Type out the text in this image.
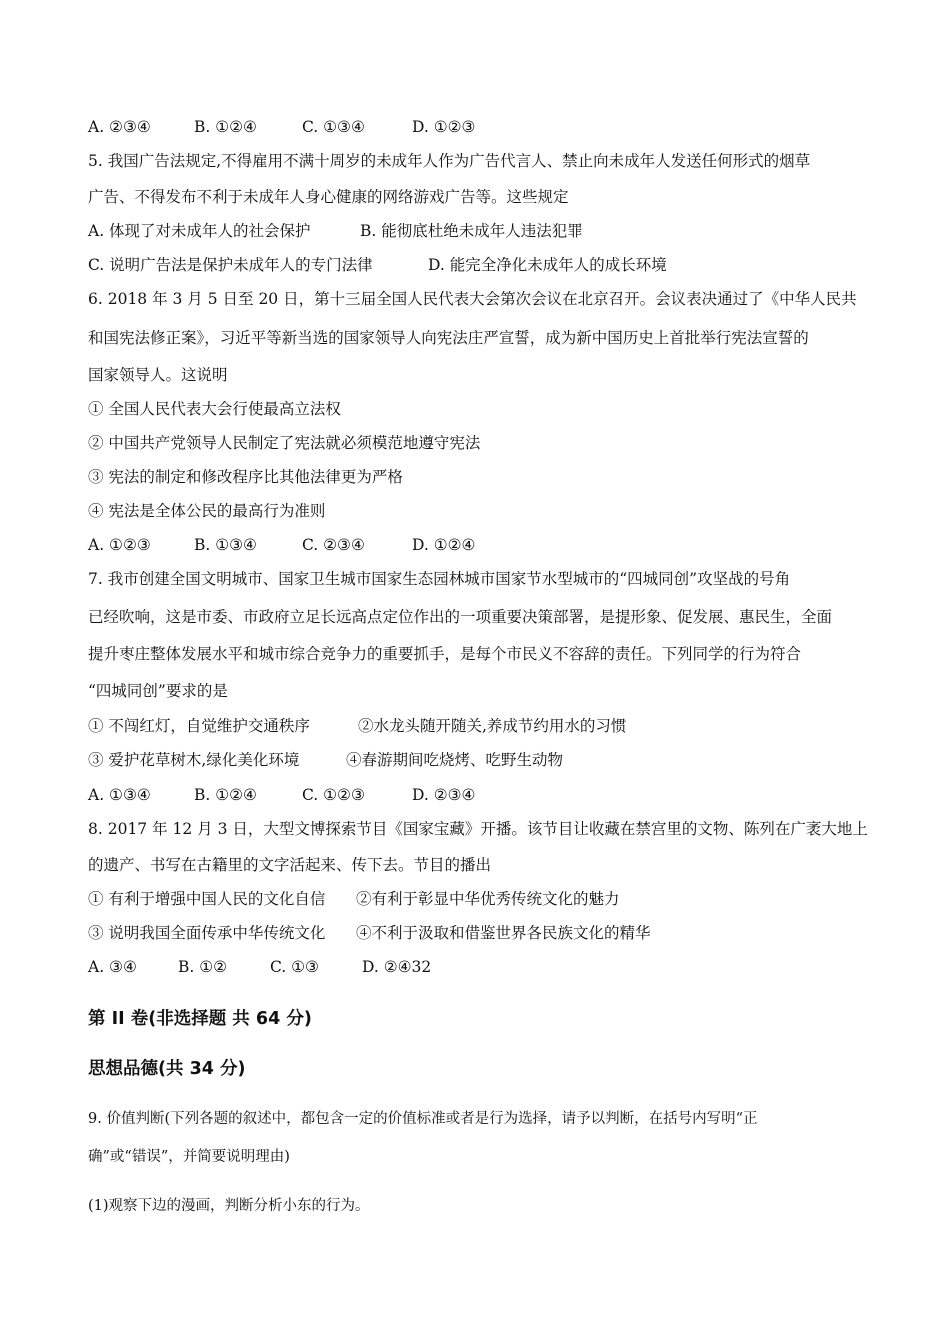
A. ②③④	B. ①②④	C. ①③④	D. ①②③
5. 我国广告法规定,不得雇用不满十周岁的未成年人作为广告代言人、禁止向未成年人发送任何形式的烟草
广告、不得发布不利于未成年人身心健康的网络游戏广告等。这些规定
A. 体现了对未成年人的社会保护	B. 能彻底杜绝未成年人违法犯罪
C. 说明广告法是保护未成年人的专门法律	D. 能完全净化未成年人的成长环境
6. 2018 年 3 月 5 日至 20 日，第十三届全国人民代表大会第次会议在北京召开。会议表决通过了《中华人民共
和国宪法修正案》，习近平等新当选的国家领导人向宪法庄严宣誓，成为新中国历史上首批举行宪法宣誓的
国家领导人。这说明
① 全国人民代表大会行使最高立法权
② 中国共产党领导人民制定了宪法就必须模范地遵守宪法
③ 宪法的制定和修改程序比其他法律更为严格
④ 宪法是全体公民的最高行为准则
A. ①②③	B. ①③④	C. ②③④	D. ①②④
7. 我市创建全国文明城市、国家卫生城市国家生态园林城市国家节水型城市的“四城同创”攻坚战的号角
已经吹响，这是市委、市政府立足长远高点定位作出的一项重要决策部署，是提形象、促发展、惠民生，全面
提升枣庄整体发展水平和城市综合竞争力的重要抓手，是每个市民义不容辞的责任。下列同学的行为符合
“四城同创”要求的是
① 不闯红灯，自觉维护交通秩序	②水龙头随开随关,养成节约用水的习惯
③ 爱护花草树木,绿化美化环境	④春游期间吃烧烤、吃野生动物
A. ①③④	B. ①②④	C. ①②③	D. ②③④
8. 2017 年 12 月 3 日，大型文博探索节目《国家宝藏》开播。该节目让收藏在禁宫里的文物、陈列在广袤大地上
的遗产、书写在古籍里的文字活起来、传下去。节目的播出
① 有利于增强中国人民的文化自信 ②有利于彰显中华优秀传统文化的魅力
③ 说明我国全面传承中华传统文化 ④不利于汲取和借鉴世界各民族文化的精华
A. ③④	B. ①②	C. ①③	D. ②④32
第 II 卷(非选择题 共 64 分)
思想品德(共 34 分)
9. 价值判断(下列各题的叙述中，都包含一定的价值标准或者是行为选择，请予以判断，在括号内写明“正
确”或“错误”，并简要说明理由)
(1)观察下边的漫画，判断分析小东的行为。
